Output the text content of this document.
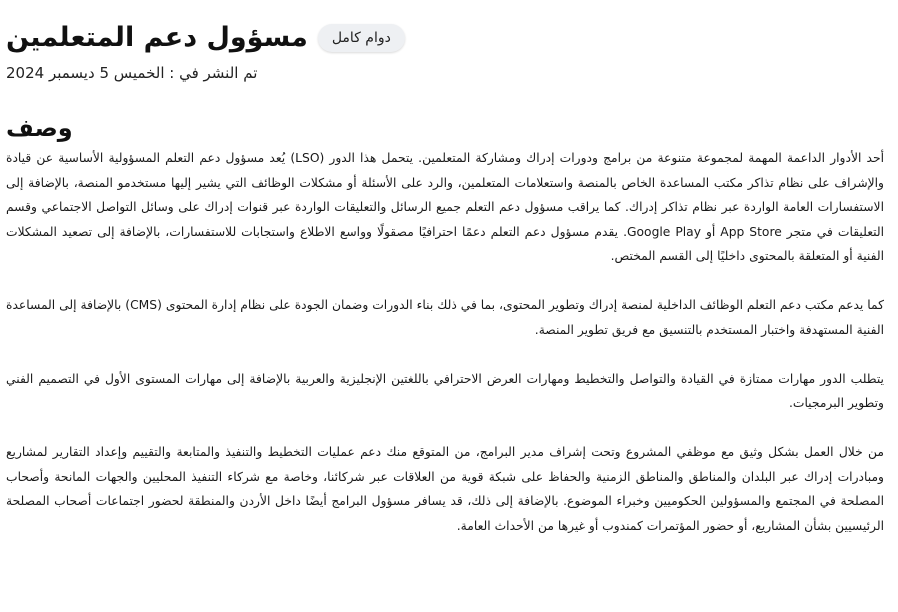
مسؤول دعم المتعلمين	دوام كامل
تم النشر في : الخميس 5 ديسمبر 2024
وصف

أحد الأدوار الداعمة المهمة لمجموعة متنوعة من برامج ودورات إدراك ومشاركة المتعلمين. يتحمل هذا الدور (LSO) يُعد مسؤول دعم التعلم المسؤولية الأساسية عن قيادة والإشراف على نظام تذاكر مكتب المساعدة الخاص بالمنصة واستعلامات المتعلمين، والرد على الأسئلة أو مشكلات الوظائف التي يشير إليها مستخدمو المنصة، بالإضافة إلى الاستفسارات العامة الواردة عبر نظام تذاكر إدراك. كما يراقب مسؤول دعم التعلم جميع الرسائل والتعليقات الواردة عبر قنوات إدراك على وسائل التواصل الاجتماعي وقسم التعليقات في متجر App Store أو Google Play. يقدم مسؤول دعم التعلم دعمًا احترافيًا مصقولًا وواسع الاطلاع واستجابات للاستفسارات، بالإضافة إلى تصعيد المشكلات الفنية أو المتعلقة بالمحتوى داخليًا إلى القسم المختص.

كما يدعم مكتب دعم التعلم الوظائف الداخلية لمنصة إدراك وتطوير المحتوى، بما في ذلك بناء الدورات وضمان الجودة على نظام إدارة المحتوى (CMS) بالإضافة إلى المساعدة الفنية المستهدفة واختبار المستخدم بالتنسيق مع فريق تطوير المنصة.

يتطلب الدور مهارات ممتازة في القيادة والتواصل والتخطيط ومهارات العرض الاحترافي باللغتين الإنجليزية والعربية بالإضافة إلى مهارات المستوى الأول في التصميم الفني وتطوير البرمجيات.

من خلال العمل بشكل وثيق مع موظفي المشروع وتحت إشراف مدير البرامج، من المتوقع منك دعم عمليات التخطيط والتنفيذ والمتابعة والتقييم وإعداد التقارير لمشاريع ومبادرات إدراك عبر البلدان والمناطق والمناطق الزمنية والحفاظ على شبكة قوية من العلاقات عبر شركائنا، وخاصة مع شركاء التنفيذ المحليين والجهات المانحة وأصحاب المصلحة في المجتمع والمسؤولين الحكوميين وخبراء الموضوع. بالإضافة إلى ذلك، قد يسافر مسؤول البرامج أيضًا داخل الأردن والمنطقة لحضور اجتماعات أصحاب المصلحة الرئيسيين بشأن المشاريع، أو حضور المؤتمرات كمندوب أو غيرها من الأحداث العامة.
